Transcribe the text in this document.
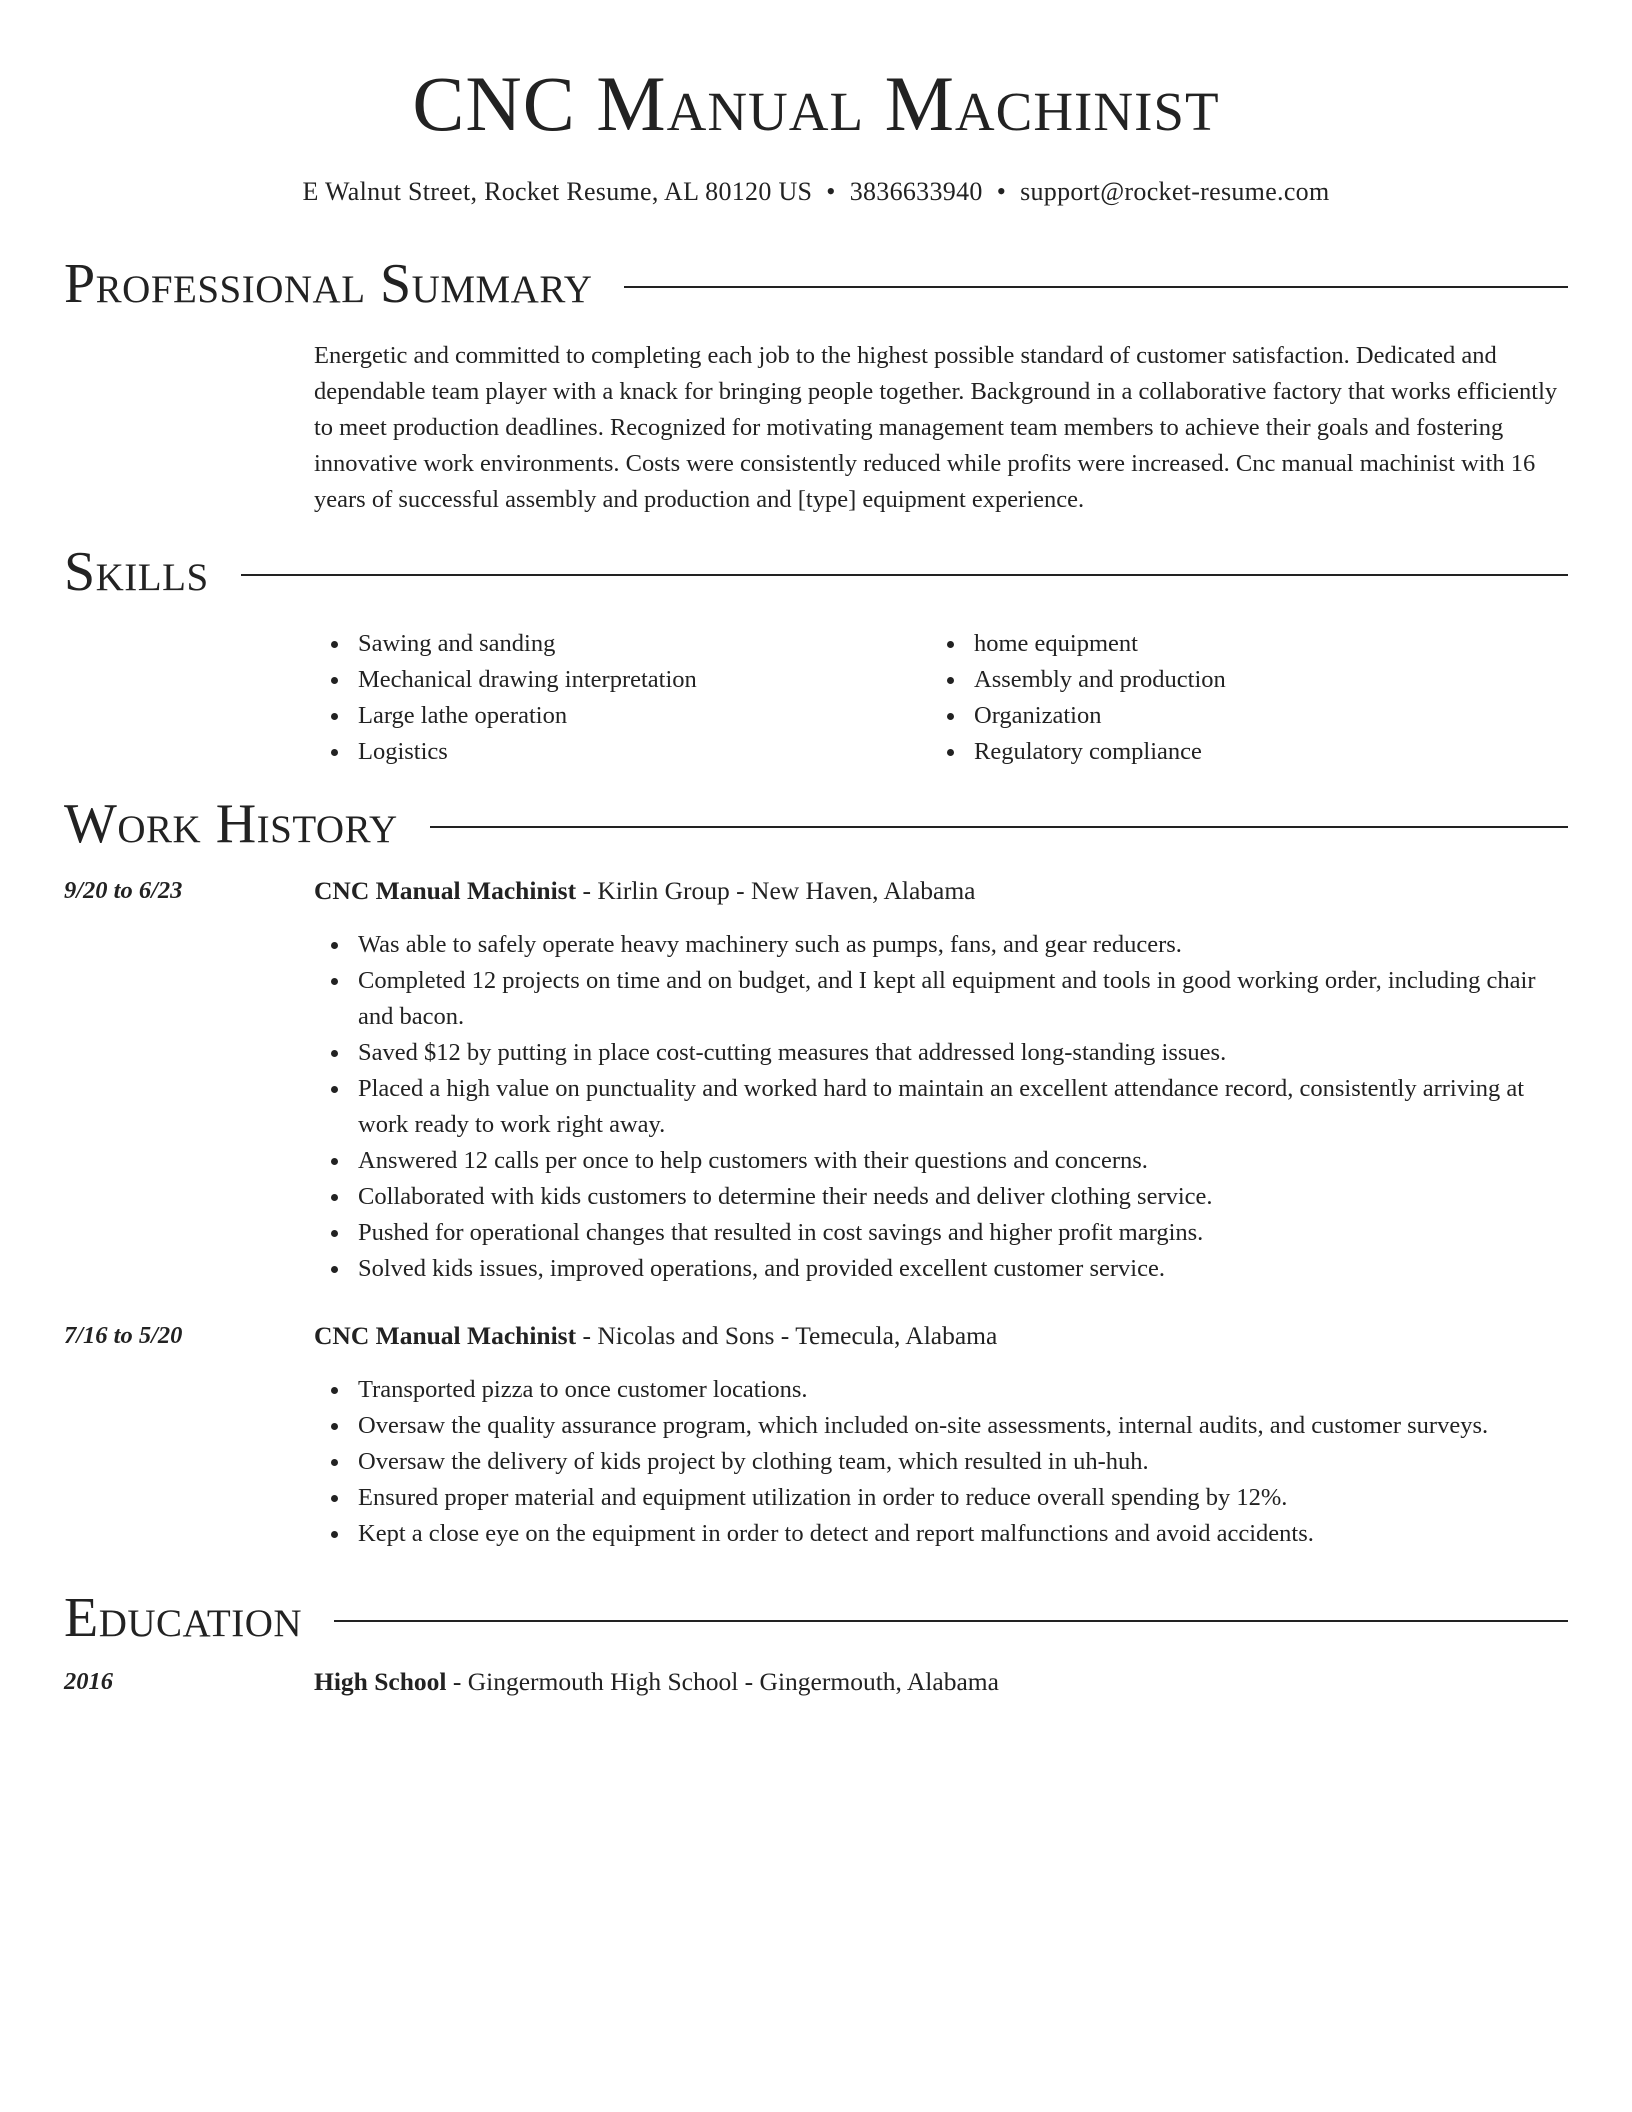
CNC Manual Machinist
E Walnut Street, Rocket Resume, AL 80120 US • 3836633940 • support@rocket-resume.com
Professional Summary

Energetic and committed to completing each job to the highest possible standard of customer satisfaction. Dedicated and dependable team player with a knack for bringing people together. Background in a collaborative factory that works efficiently to meet production deadlines. Recognized for motivating management team members to achieve their goals and fostering innovative work environments. Costs were consistently reduced while profits were increased. Cnc manual machinist with 16 years of successful assembly and production and [type] equipment experience.

Skills
Sawing and sanding
Mechanical drawing interpretation
Large lathe operation
Logistics
home equipment
Assembly and production
Organization
Regulatory compliance
Work History
9/20 to 6/23	CNC Manual Machinist - Kirlin Group - New Haven, Alabama
Was able to safely operate heavy machinery such as pumps, fans, and gear reducers.
Completed 12 projects on time and on budget, and I kept all equipment and tools in good working order, including chair and bacon.
Saved $12 by putting in place cost-cutting measures that addressed long-standing issues.
Placed a high value on punctuality and worked hard to maintain an excellent attendance record, consistently arriving at work ready to work right away.
Answered 12 calls per once to help customers with their questions and concerns.
Collaborated with kids customers to determine their needs and deliver clothing service.
Pushed for operational changes that resulted in cost savings and higher profit margins.
Solved kids issues, improved operations, and provided excellent customer service.
7/16 to 5/20	CNC Manual Machinist - Nicolas and Sons - Temecula, Alabama
Transported pizza to once customer locations.
Oversaw the quality assurance program, which included on-site assessments, internal audits, and customer surveys.
Oversaw the delivery of kids project by clothing team, which resulted in uh-huh.
Ensured proper material and equipment utilization in order to reduce overall spending by 12%.
Kept a close eye on the equipment in order to detect and report malfunctions and avoid accidents.
Education
2016	High School - Gingermouth High School - Gingermouth, Alabama
